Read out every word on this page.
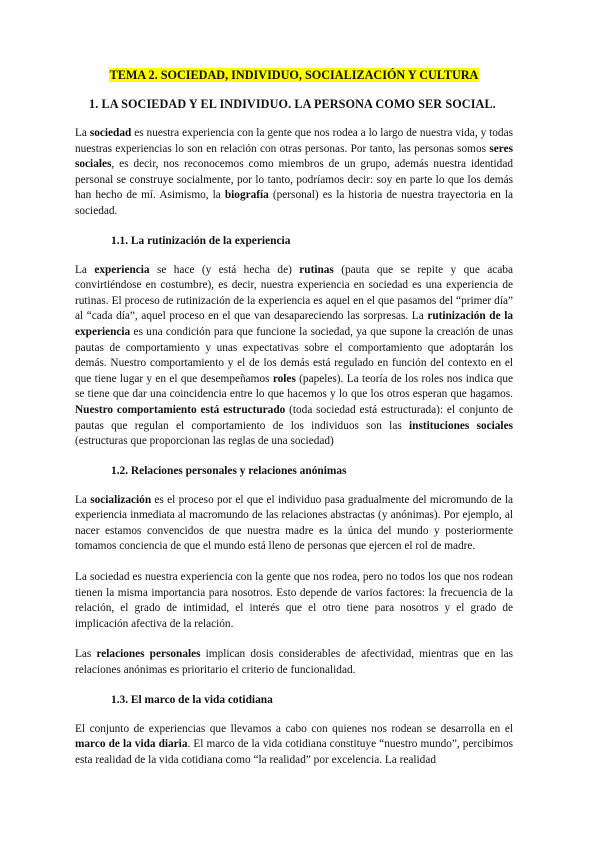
TEMA 2. SOCIEDAD, INDIVIDUO, SOCIALIZACIÓN Y CULTURA
1. LA SOCIEDAD Y EL INDIVIDUO. LA PERSONA COMO SER SOCIAL.

La sociedad es nuestra experiencia con la gente que nos rodea a lo largo de nuestra vida, y todas nuestras experiencias lo son en relación con otras personas. Por tanto, las personas somos seres sociales, es decir, nos reconocemos como miembros de un grupo, además nuestra identidad personal se construye socialmente, por lo tanto, podríamos decir: soy en parte lo que los demás han hecho de mí. Asimismo, la biografía (personal) es la historia de nuestra trayectoria en la sociedad.

1.1. La rutinización de la experiencia

La experiencia se hace (y está hecha de) rutinas (pauta que se repite y que acaba convirtiéndose en costumbre), es decir, nuestra experiencia en sociedad es una experiencia de rutinas. El proceso de rutinización de la experiencia es aquel en el que pasamos del “primer día” al “cada día”, aquel proceso en el que van desapareciendo las sorpresas. La rutinización de la experiencia es una condición para que funcione la sociedad, ya que supone la creación de unas pautas de comportamiento y unas expectativas sobre el comportamiento que adoptarán los demás. Nuestro comportamiento y el de los demás está regulado en función del contexto en el que tiene lugar y en el que desempeñamos roles (papeles). La teoría de los roles nos indica que se tiene que dar una coincidencia entre lo que hacemos y lo que los otros esperan que hagamos. Nuestro comportamiento está estructurado (toda sociedad está estructurada): el conjunto de pautas que regulan el comportamiento de los individuos son las instituciones sociales (estructuras que proporcionan las reglas de una sociedad)

1.2. Relaciones personales y relaciones anónimas

La socialización es el proceso por el que el individuo pasa gradualmente del micromundo de la experiencia inmediata al macromundo de las relaciones abstractas (y anónimas). Por ejemplo, al nacer estamos convencidos de que nuestra madre es la única del mundo y posteriormente tomamos conciencia de que el mundo está lleno de personas que ejercen el rol de madre.

La sociedad es nuestra experiencia con la gente que nos rodea, pero no todos los que nos rodean tienen la misma importancia para nosotros. Esto depende de varios factores: la frecuencia de la relación, el grado de intimidad, el interés que el otro tiene para nosotros y el grado de implicación afectiva de la relación.

Las relaciones personales implican dosis considerables de afectividad, mientras que en las relaciones anónimas es prioritario el criterio de funcionalidad.

1.3. El marco de la vida cotidiana

El conjunto de experiencias que llevamos a cabo con quienes nos rodean se desarrolla en el marco de la vida diaria. El marco de la vida cotidiana constituye “nuestro mundo”, percibimos esta realidad de la vida cotidiana como “la realidad” por excelencia. La realidad
